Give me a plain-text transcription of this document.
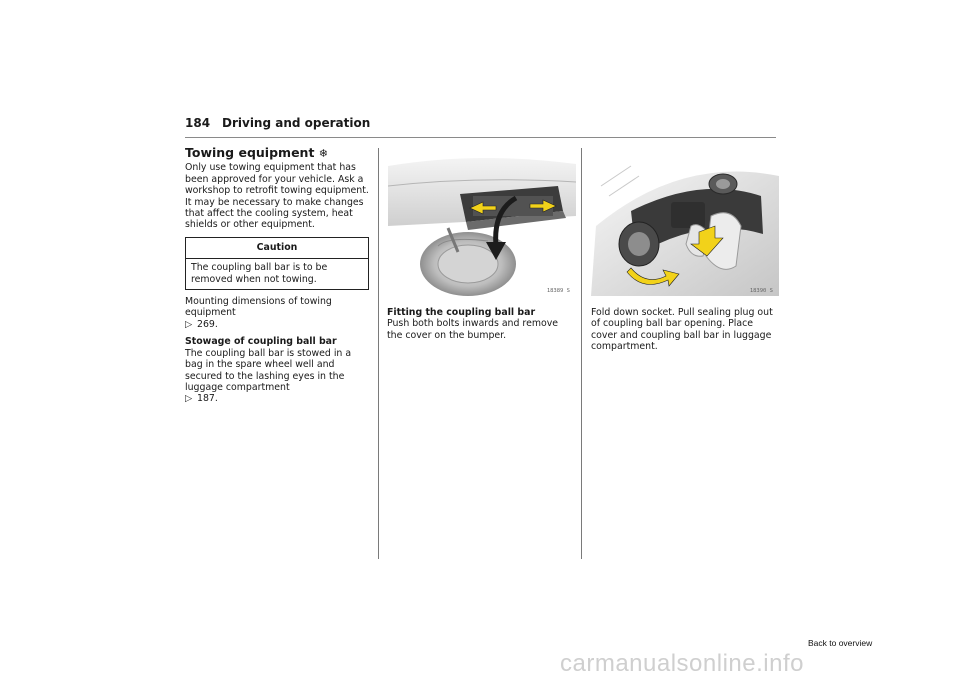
184 Driving and operation
Towing equipment ❄

Only use towing equipment that has been approved for your vehicle. Ask a workshop to retrofit towing equipment. It may be necessary to make changes that affect the cooling system, heat shields or other equipment.

Caution
The coupling ball bar is to be removed when not towing.

Mounting dimensions of towing equipment
▷ 269.

Stowage of coupling ball bar
The coupling ball bar is stowed in a bag in the spare wheel well and secured to the lashing eyes in the luggage compartment
▷ 187.

18389 S
Fitting the coupling ball bar
Push both bolts inwards and remove the cover on the bumper.
18390 S
Fold down socket. Pull sealing plug out of coupling ball bar opening. Place cover and coupling ball bar in luggage compartment.
Back to overview
carmanualsonline.info
